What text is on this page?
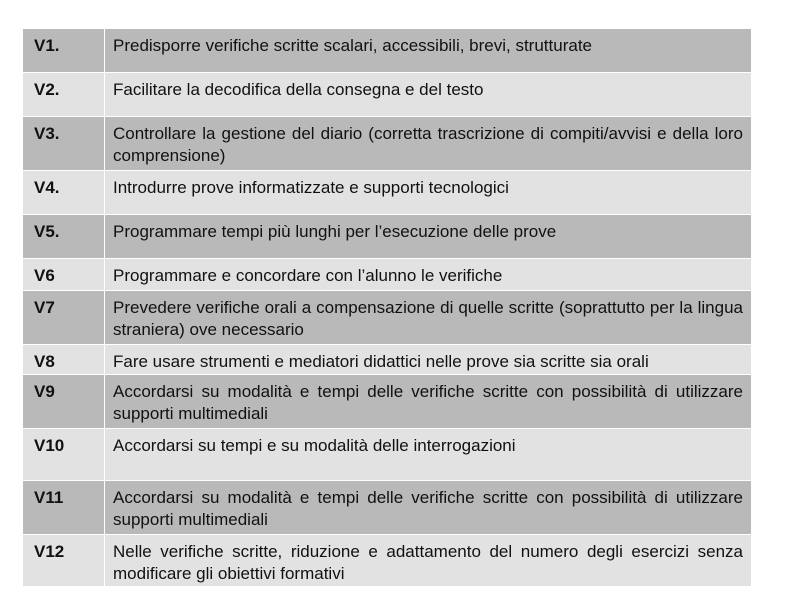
V1.	Predisporre verifiche scritte scalari, accessibili, brevi, strutturate
V2.	Facilitare la decodifica della consegna e del testo
V3.	Controllare la gestione del diario (corretta trascrizione di compiti/avvisi e della loro comprensione)
V4.	Introdurre prove informatizzate e supporti tecnologici
V5.	Programmare tempi più lunghi per l’esecuzione delle prove
V6	Programmare e concordare con l’alunno le verifiche
V7	Prevedere verifiche orali a compensazione di quelle scritte (soprattutto per la lingua straniera) ove necessario
V8	Fare usare strumenti e mediatori didattici nelle prove sia scritte sia orali
V9	Accordarsi su modalità e tempi delle verifiche scritte con possibilità di utilizzare supporti multimediali
V10	Accordarsi su tempi e su modalità delle interrogazioni
V11	Accordarsi su modalità e tempi delle verifiche scritte con possibilità di utilizzare supporti multimediali
V12	Nelle verifiche scritte, riduzione e adattamento del numero degli esercizi senza modificare gli obiettivi formativi
